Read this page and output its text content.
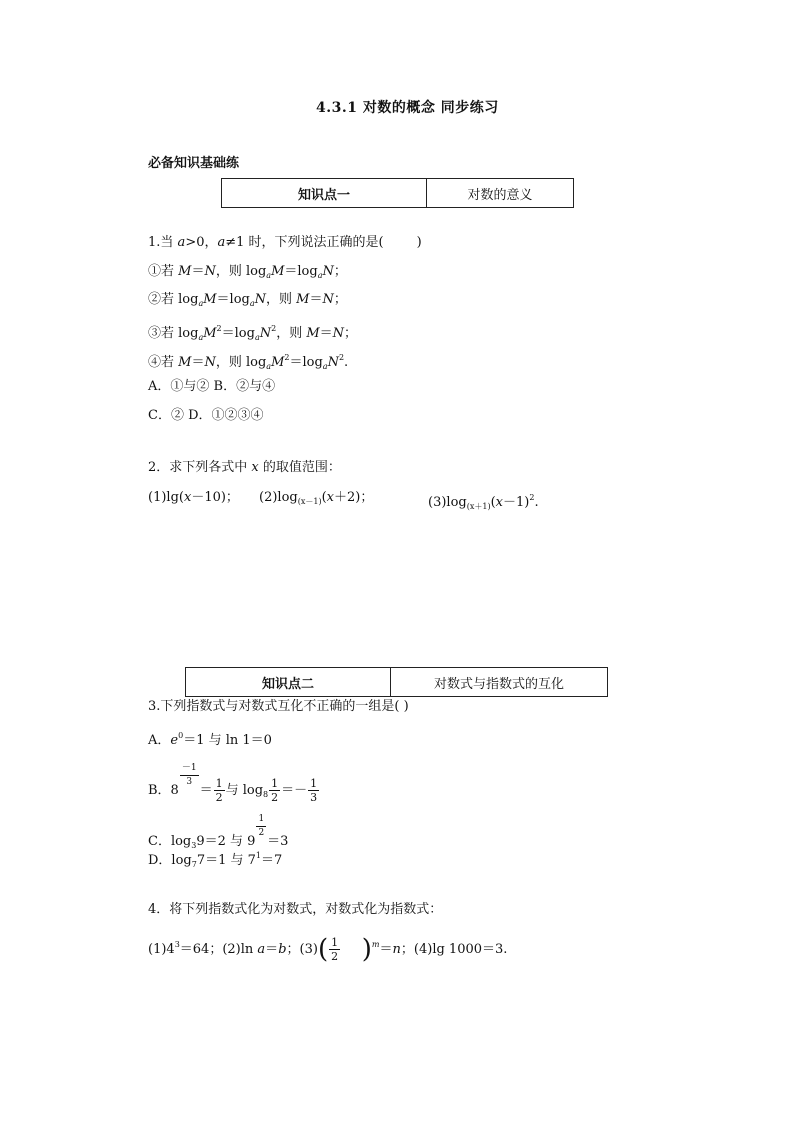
4.3.1 对数的概念 同步练习
必备知识基础练
知识点一	对数的意义
1.当 a>0，a≠1 时，下列说法正确的是(        )
①若 M＝N，则 $\log_aM=\log_aN$；
②若 $\log_aM=\log_aN$，则 M＝N；
③若 $\log_aM^2=\log_aN^2$，则 M＝N；
④若 M＝N，则 $\log_aM^2=\log_aN^2$.
A．①与② B．②与④
C．② D．①②③④
2．求下列各式中 x 的取值范围：
(1)lg(x－10)； $(2)\log_{(x-1)}(x+2)$；	$(3)\log_{(x+1)}(x-1)^2$.
知识点二	对数式与指数式的互化
3.下列指数式与对数式互化不正确的一组是( )
A．$e^0=1$ 与 ln 1＝0
B．8
$\frac{-1}{3}$
＝ $\frac{1}{2}$ 与 $\log_8 \frac{1}{2} =- \frac{1}{3}$
C．$\log_39=2$ 与 9
$\frac{1}{2}$
＝3
D．$\log_77=1$ 与 $7^1=7$
4．将下列指数式化为对数式，对数式化为指数式：
$(1)4^3=64$；(2)ln a＝b；$(3)( \frac{1}{2} )^m=n$；(4)lg 1000＝3.
